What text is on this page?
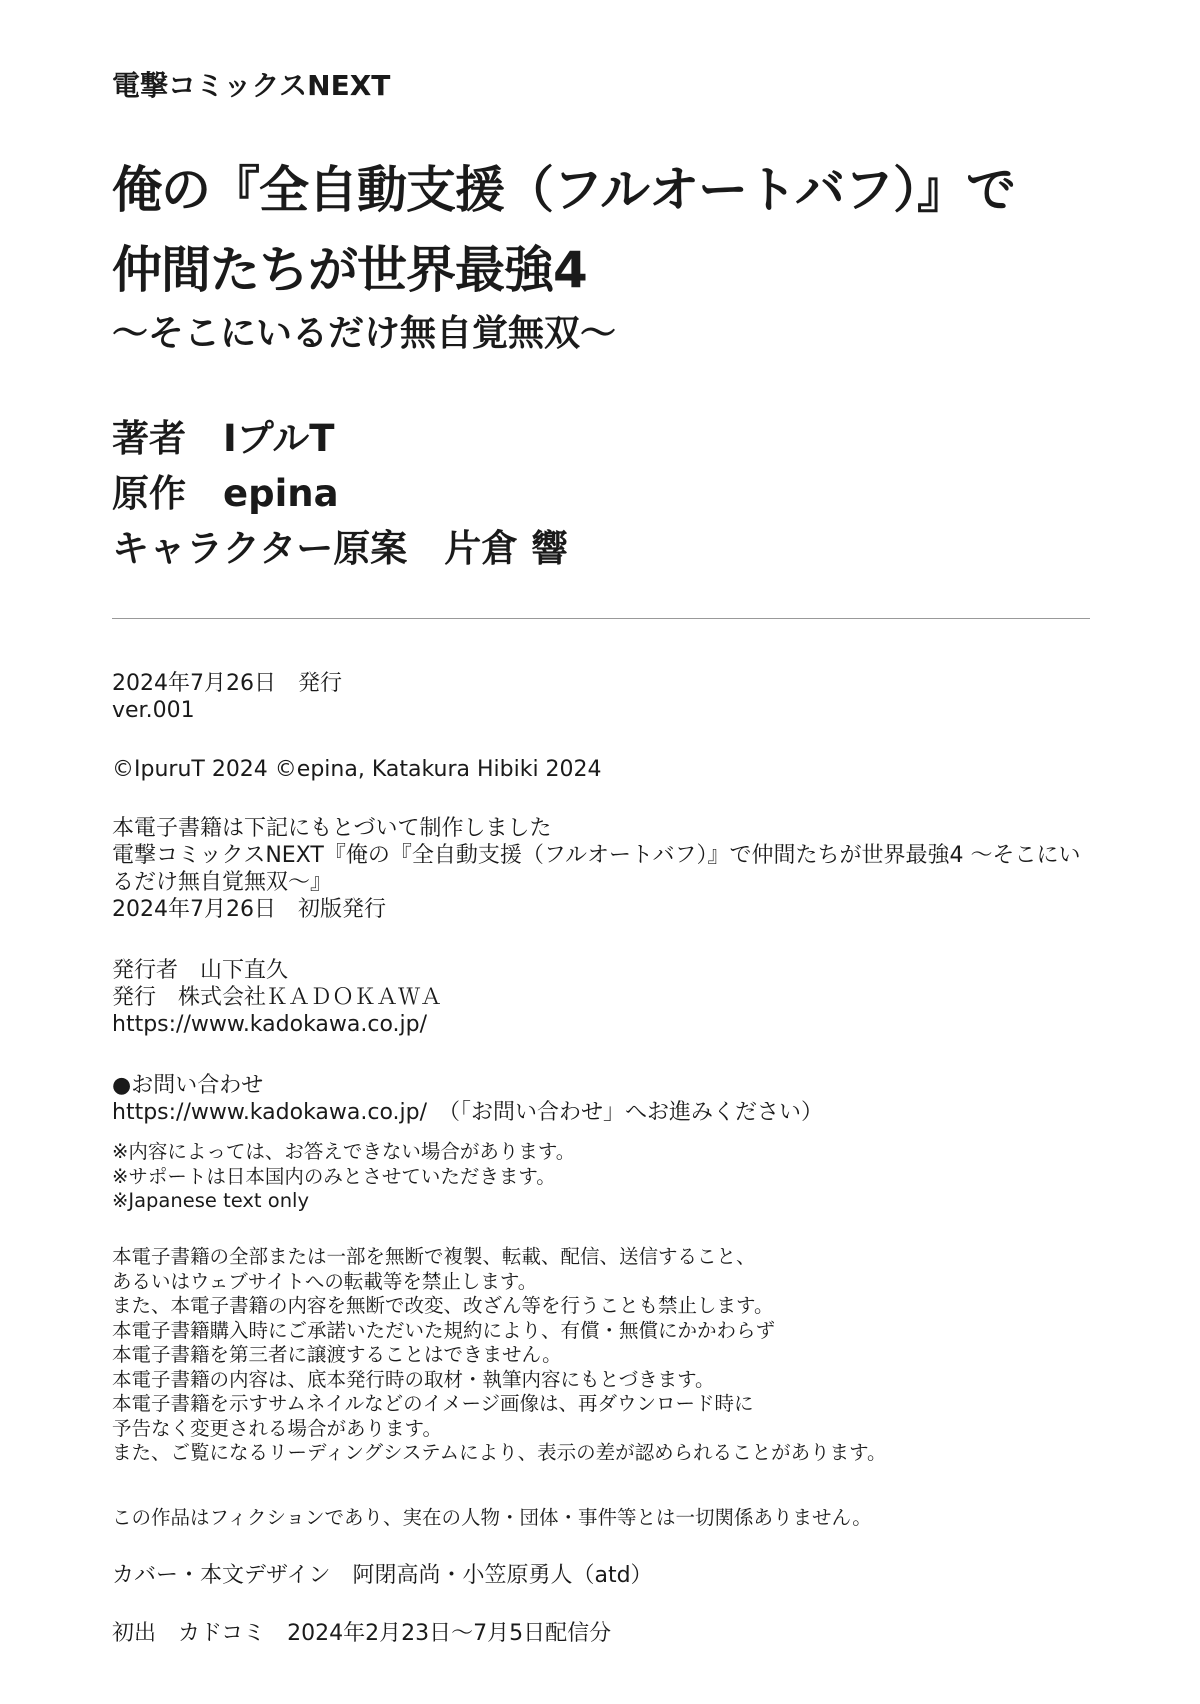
電撃コミックスNEXT
俺の『全自動支援（フルオートバフ）』で
仲間たちが世界最強4
〜そこにいるだけ無自覚無双〜
著者　 IプルT
原作　 epina
キャラクター原案　 片倉 響
2024年7月26日　発行
ver.001
©IpuruT 2024 ©epina, Katakura Hibiki 2024
本電子書籍は下記にもとづいて制作しました
電撃コミックスNEXT『俺の『全自動支援（フルオートバフ）』で仲間たちが世界最強4 〜そこにい
るだけ無自覚無双〜』
2024年7月26日　初版発行
発行者　山下直久
発行　株式会社ＫＡＤＯＫＡＷＡ
https://www.kadokawa.co.jp/
●お問い合わせ
https://www.kadokawa.co.jp/　（「お問い合わせ」へお進みください）
※内容によっては、お答えできない場合があります。
※サポートは日本国内のみとさせていただきます。
※Japanese text only
本電子書籍の全部または一部を無断で複製、転載、配信、送信すること、
あるいはウェブサイトへの転載等を禁止します。
また、本電子書籍の内容を無断で改変、改ざん等を行うことも禁止します。
本電子書籍購入時にご承諾いただいた規約により、有償・無償にかかわらず
本電子書籍を第三者に譲渡することはできません。
本電子書籍の内容は、底本発行時の取材・執筆内容にもとづきます。
本電子書籍を示すサムネイルなどのイメージ画像は、再ダウンロード時に
予告なく変更される場合があります。
また、ご覧になるリーディングシステムにより、表示の差が認められることがあります。
この作品はフィクションであり、実在の人物・団体・事件等とは一切関係ありません。
カバー・本文デザイン　阿閉高尚・小笠原勇人（atd）
初出　カドコミ　2024年2月23日〜7月5日配信分
